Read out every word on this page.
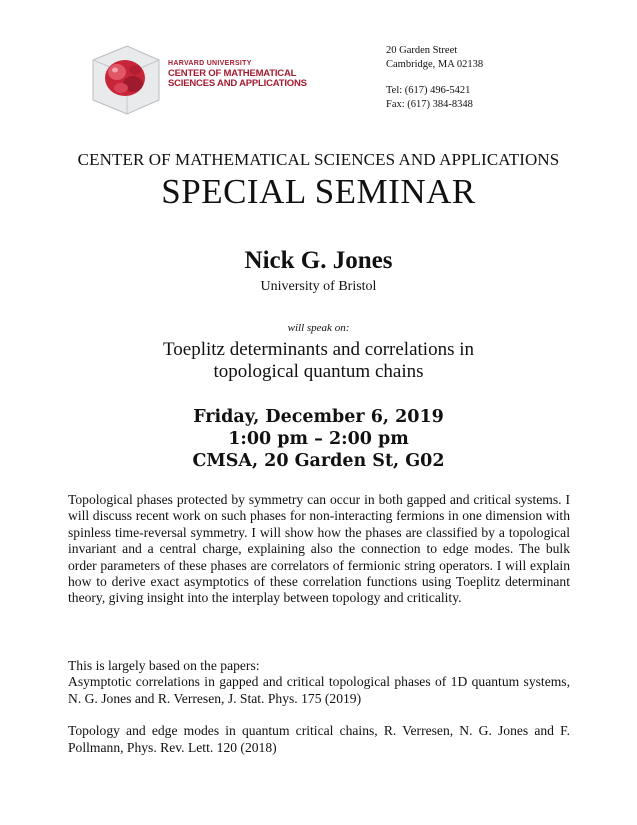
HARVARD UNIVERSITY

CENTER OF MATHEMATICAL
SCIENCES AND APPLICATIONS
20 Garden Street
Cambridge, MA 02138
Tel: (617) 496-5421
Fax: (617) 384-8348
CENTER OF MATHEMATICAL SCIENCES AND APPLICATIONS
SPECIAL SEMINAR
Nick G. Jones
University of Bristol
will speak on:
Toeplitz determinants and correlations in
topological quantum chains
Friday, December 6, 2019
1:00 pm – 2:00 pm
CMSA, 20 Garden St, G02
Topological phases protected by symmetry can occur in both gapped and critical systems. I will discuss recent work on such phases for non-interacting fermions in one dimension with spinless time-reversal symmetry. I will show how the phases are classified by a topological invariant and a central charge, explaining also the connection to edge modes. The bulk order parameters of these phases are correlators of fermionic string operators. I will explain how to derive exact asymptotics of these correlation functions using Toeplitz determinant theory, giving insight into the interplay between topology and criticality.

This is largely based on the papers:

Asymptotic correlations in gapped and critical topological phases of 1D quantum systems, N. G. Jones and R. Verresen, J. Stat. Phys. 175 (2019)

Topology and edge modes in quantum critical chains, R. Verresen, N. G. Jones and F. Pollmann, Phys. Rev. Lett. 120 (2018)
